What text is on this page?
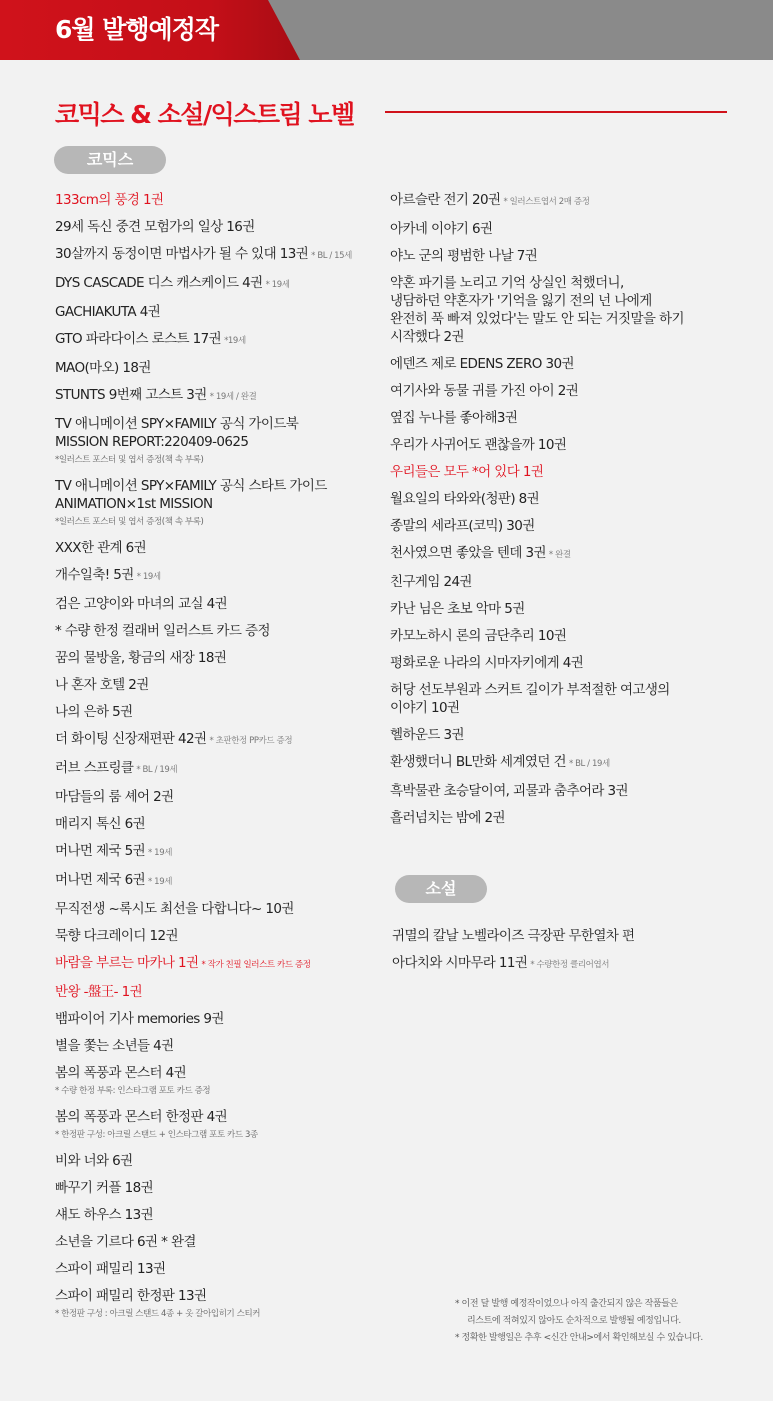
6월 발행예정작
코믹스 & 소설/익스트림 노벨
코믹스
133cm의 풍경 1권
29세 독신 중견 모험가의 일상 16권
30살까지 동정이면 마법사가 될 수 있대 13권 * BL / 15세
DYS CASCADE 디스 캐스케이드 4권 * 19세
GACHIAKUTA 4권
GTO 파라다이스 로스트 17권 *19세
MAO(마오) 18권
STUNTS 9번째 고스트 3권 * 19세 / 완결
TV 애니메이션 SPY×FAMILY 공식 가이드북
MISSION REPORT:220409-0625
*일러스트 포스터 및 엽서 증정(책 속 부록)
TV 애니메이션 SPY×FAMILY 공식 스타트 가이드
ANIMATION×1st MISSION
*일러스트 포스터 및 엽서 증정(책 속 부록)
XXX한 관계 6권
개수일축! 5권 * 19세
검은 고양이와 마녀의 교실 4권
* 수량 한정 컬래버 일러스트 카드 증정
꿈의 물방울, 황금의 새장 18권
나 혼자 호텔 2권
나의 은하 5권
더 화이팅 신장재편판 42권 * 초판한정 PP카드 증정
러브 스프링클 * BL / 19세
마담들의 룸 셰어 2권
매리지 톡신 6권
머나먼 제국 5권 * 19세
머나먼 제국 6권 * 19세
무직전생 ~록시도 최선을 다합니다~ 10권
묵향 다크레이디 12권
바람을 부르는 마카나 1권 * 작가 친필 일러스트 카드 증정
반왕 -盤王- 1권
뱀파이어 기사 memories 9권
별을 쫓는 소년들 4권
봄의 폭풍과 몬스터 4권
* 수량 한정 부록: 인스타그램 포토 카드 증정
봄의 폭풍과 몬스터 한정판 4권
* 한정판 구성: 아크릴 스탠드 + 인스타그램 포토 카드 3종
비와 너와 6권
빠꾸기 커플 18권
섀도 하우스 13권
소년을 기르다 6권 * 완결
스파이 패밀리 13권
스파이 패밀리 한정판 13권
* 한정판 구성 : 아크릴 스탠드 4종 + 옷 갈아입히기 스티커
아르슬란 전기 20권 * 일러스트엽서 2매 증정
아카네 이야기 6권
야노 군의 평범한 나날 7권
약혼 파기를 노리고 기억 상실인 척했더니,
냉담하던 약혼자가 '기억을 잃기 전의 넌 나에게
완전히 푹 빠져 있었다'는 말도 안 되는 거짓말을 하기
시작했다 2권
에덴즈 제로 EDENS ZERO 30권
여기사와 동물 귀를 가진 아이 2권
옆집 누나를 좋아해3권
우리가 사귀어도 괜찮을까 10권
우리들은 모두 *어 있다 1권
월요일의 타와와(청판) 8권
종말의 세라프(코믹) 30권
천사였으면 좋았을 텐데 3권 * 완결
친구게임 24권
카난 님은 초보 악마 5권
카모노하시 론의 금단추리 10권
평화로운 나라의 시마자키에게 4권
허당 선도부원과 스커트 길이가 부적절한 여고생의
이야기 10권
헬하운드 3권
환생했더니 BL만화 세계였던 건 * BL / 19세
흑박물관 초승달이여, 괴물과 춤추어라 3권
흘러넘치는 밤에 2권
소설
귀멸의 칼날 노벨라이즈 극장판 무한열차 편
아다치와 시마무라 11권 * 수량한정 클리어엽서
* 이전 달 발행 예정작이었으나 아직 출간되지 않은 작품들은
리스트에 적혀있지 않아도 순차적으로 발행될 예정입니다.
* 정확한 발행일은 추후 <신간 안내>에서 확인해보실 수 있습니다.
